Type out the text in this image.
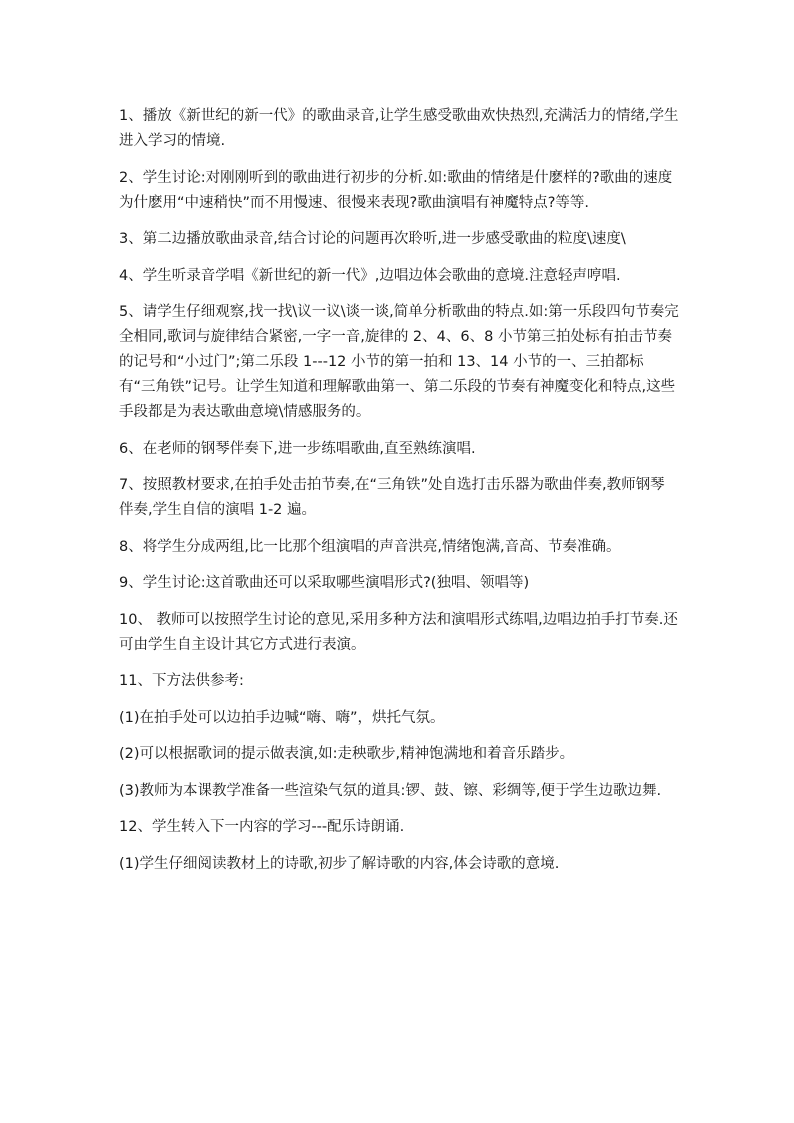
1、播放《新世纪的新一代》的歌曲录音,让学生感受歌曲欢快热烈,充满活力的情绪,学生进入学习的情境.

2、学生讨论:对刚刚听到的歌曲进行初步的分析.如:歌曲的情绪是什麽样的?歌曲的速度为什麽用“中速稍快”而不用慢速、很慢来表现?歌曲演唱有神魔特点?等等.

3、第二边播放歌曲录音,结合讨论的问题再次聆听,进一步感受歌曲的粒度\速度\

4、学生听录音学唱《新世纪的新一代》,边唱边体会歌曲的意境.注意轻声哼唱.

5、请学生仔细观察,找一找\议一议\谈一谈,简单分析歌曲的特点.如:第一乐段四句节奏完全相同,歌词与旋律结合紧密,一字一音,旋律的 2、4、6、8 小节第三拍处标有拍击节奏的记号和“小过门”;第二乐段 1---12 小节的第一拍和 13、14 小节的一、三拍都标有“三角铁”记号。让学生知道和理解歌曲第一、第二乐段的节奏有神魔变化和特点,这些手段都是为表达歌曲意境\情感服务的。

6、在老师的钢琴伴奏下,进一步练唱歌曲,直至熟练演唱.

7、按照教材要求,在拍手处击拍节奏,在“三角铁”处自选打击乐器为歌曲伴奏,教师钢琴伴奏,学生自信的演唱 1-2 遍。

8、将学生分成两组,比一比那个组演唱的声音洪亮,情绪饱满,音高、节奏准确。

9、学生讨论:这首歌曲还可以采取哪些演唱形式?(独唱、领唱等)

10、 教师可以按照学生讨论的意见,采用多种方法和演唱形式练唱,边唱边拍手打节奏.还可由学生自主设计其它方式进行表演。

11、下方法供参考:

(1)在拍手处可以边拍手边喊“嗨、嗨”，烘托气氛。

(2)可以根据歌词的提示做表演,如:走秧歌步,精神饱满地和着音乐踏步。

(3)教师为本课教学准备一些渲染气氛的道具:锣、鼓、镲、彩绸等,便于学生边歌边舞.

12、学生转入下一内容的学习---配乐诗朗诵.

(1)学生仔细阅读教材上的诗歌,初步了解诗歌的内容,体会诗歌的意境.
